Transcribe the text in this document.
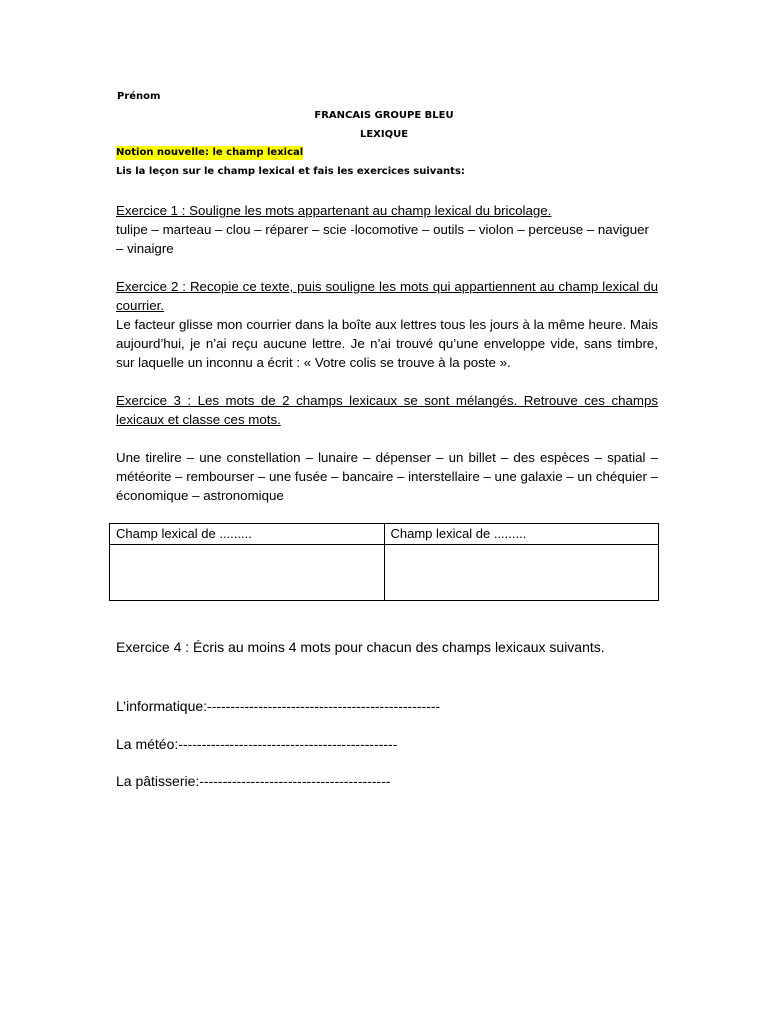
Prénom
FRANCAIS GROUPE BLEU
LEXIQUE
Notion nouvelle: le champ lexical
Lis la leçon sur le champ lexical et fais les exercices suivants:

Exercice 1 : Souligne les mots appartenant au champ lexical du bricolage.

tulipe – marteau – clou – réparer – scie -locomotive – outils – violon – perceuse – naviguer – vinaigre

Exercice 2 : Recopie ce texte, puis souligne les mots qui appartiennent au champ lexical du courrier.

Le facteur glisse mon courrier dans la boîte aux lettres tous les jours à la même heure. Mais aujourd’hui, je n’ai reçu aucune lettre. Je n’ai trouvé qu’une enveloppe vide, sans timbre, sur laquelle un inconnu a écrit : « Votre colis se trouve à la poste ».

Exercice 3 : Les mots de 2 champs lexicaux se sont mélangés. Retrouve ces champs lexicaux et classe ces mots.

Une tirelire – une constellation – lunaire – dépenser – un billet – des espèces – spatial – météorite – rembourser – une fusée – bancaire – interstellaire – une galaxie – un chéquier – économique – astronomique

Champ lexical de .........	Champ lexical de .........

Exercice 4 : Écris au moins 4 mots pour chacun des champs lexicaux suivants.
L’informatique:--------------------------------------------------
La météo:-----------------------------------------------
La pâtisserie:-----------------------------------------
